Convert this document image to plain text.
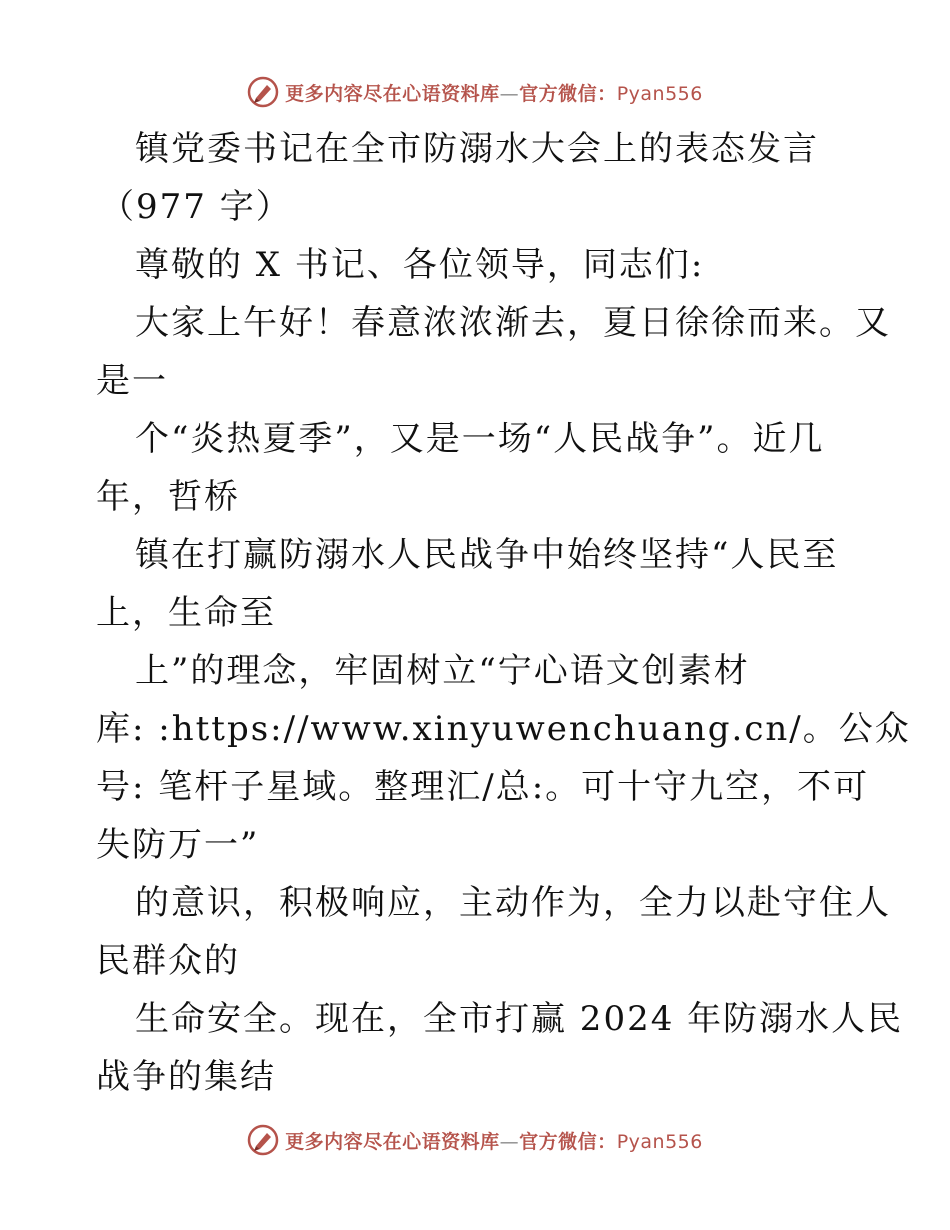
更多内容尽在心语资料库—官方微信：Pyan556
镇党委书记在全市防溺水大会上的表态发言
（977 字）
尊敬的 X 书记、各位领导，同志们:
大家上午好！春意浓浓渐去，夏日徐徐而来。又
是一
个“炎热夏季”，又是一场“人民战争”。近几
年，哲桥
镇在打赢防溺水人民战争中始终坚持“人民至
上，生命至
上”的理念，牢固树立“宁心语文创素材
库: :https://www.xinyuwenchuang.cn/。公众
号: 笔杆子星域。整理汇/总:。可十守九空，不可
失防万一”
的意识，积极响应，主动作为，全力以赴守住人
民群众的
生命安全。现在，全市打赢 2024 年防溺水人民
战争的集结
更多内容尽在心语资料库—官方微信：Pyan556
